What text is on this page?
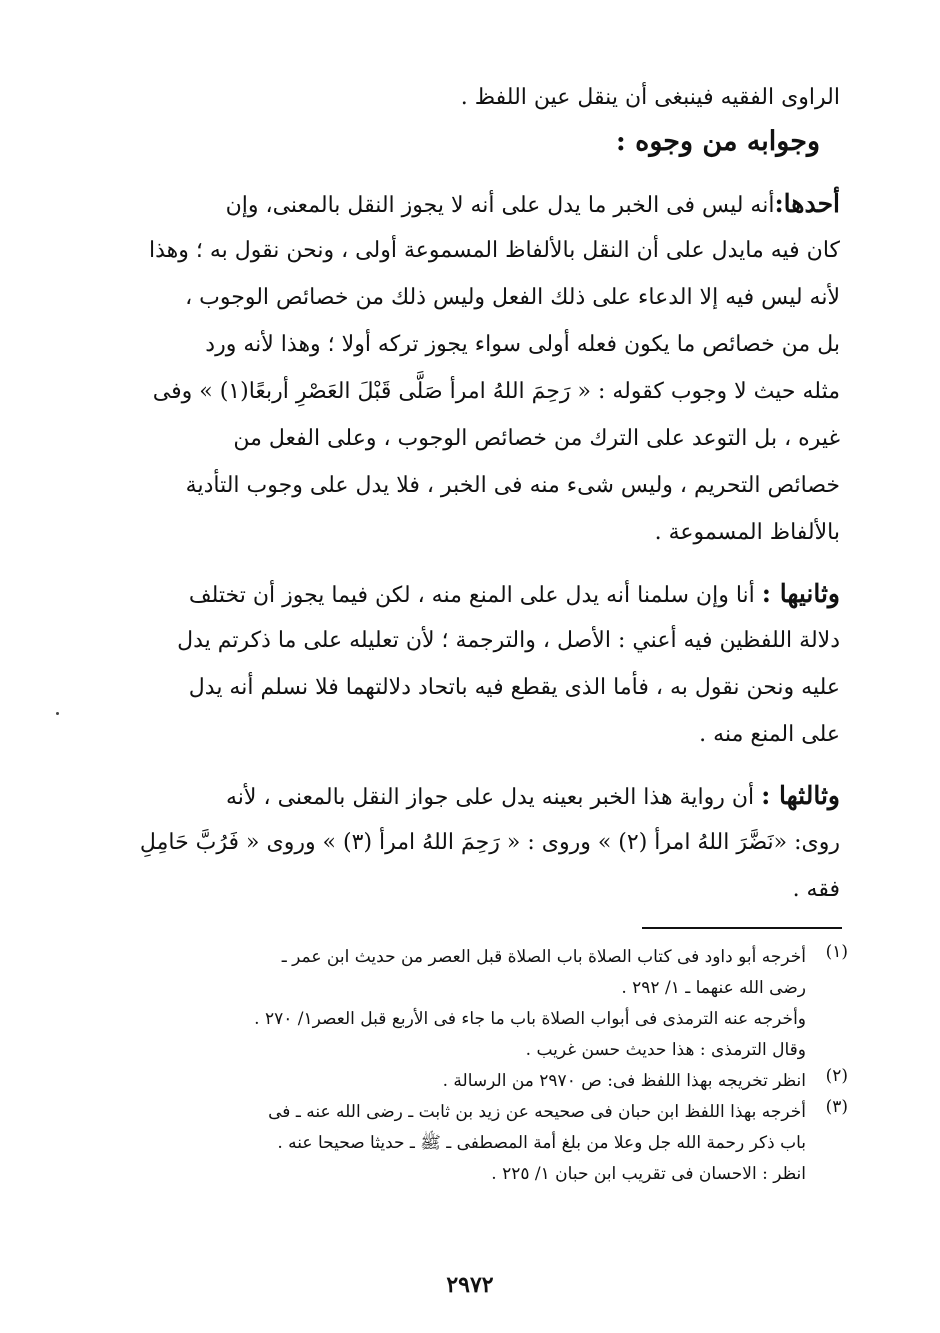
الراوى الفقيه فينبغى أن ينقل عين اللفظ .
وجوابه من وجوه :
أحدها:أنه ليس فى الخبر ما يدل على أنه لا يجوز النقل بالمعنى، وإن
كان فيه مايدل على أن النقل بالألفاظ المسموعة أولى ، ونحن نقول به ؛ وهذا
لأنه ليس فيه إلا الدعاء على ذلك الفعل وليس ذلك من خصائص الوجوب ،
بل من خصائص ما يكون فعله أولى سواء يجوز تركه أولا ؛ وهذا لأنه ورد
مثله حيث لا وجوب كقوله : « رَحِمَ اللهُ امرأ صَلَّى قَبْلَ العَصْرِ أربعًا(١) » وفى
غيره ، بل التوعد على الترك من خصائص الوجوب ، وعلى الفعل من
خصائص التحريم ، وليس شىء منه فى الخبر ، فلا يدل على وجوب التأدية
بالألفاظ المسموعة .
وثانيها : أنا وإن سلمنا أنه يدل على المنع منه ، لكن فيما يجوز أن تختلف
دلالة اللفظين فيه أعني : الأصل ، والترجمة ؛ لأن تعليله على ما ذكرتم يدل
عليه ونحن نقول به ، فأما الذى يقطع فيه باتحاد دلالتهما فلا نسلم أنه يدل
على المنع منه .
وثالثها : أن رواية هذا الخبر بعينه يدل على جواز النقل بالمعنى ، لأنه
روى: «نَضَّرَ اللهُ امرأ (٢) » وروى : « رَحِمَ اللهُ امرأ (٣) » وروى « فَرُبَّ حَامِلِ
فقه .
(١)
أخرجه أبو داود فى كتاب الصلاة باب الصلاة قبل العصر من حديث ابن عمر ـ
رضى الله عنهما ـ ١/ ٢٩٢ .
وأخرجه عنه الترمذى فى أبواب الصلاة باب ما جاء فى الأربع قبل العصر١/ ٢٧٠ .
وقال الترمذى : هذا حديث حسن غريب .
(٢)
انظر تخريجه بهذا اللفظ فى: ص ٢٩٧٠ من الرسالة .
(٣)
أخرجه بهذا اللفظ ابن حبان فى صحيحه عن زيد بن ثابت ـ رضى الله عنه ـ فى
باب ذكر رحمة الله جل وعلا من بلغ أمة المصطفى ـ ﷺ ـ حديثا صحيحا عنه .
انظر : الاحسان فى تقريب ابن حبان ١/ ٢٢٥ .
٢٩٧٢
